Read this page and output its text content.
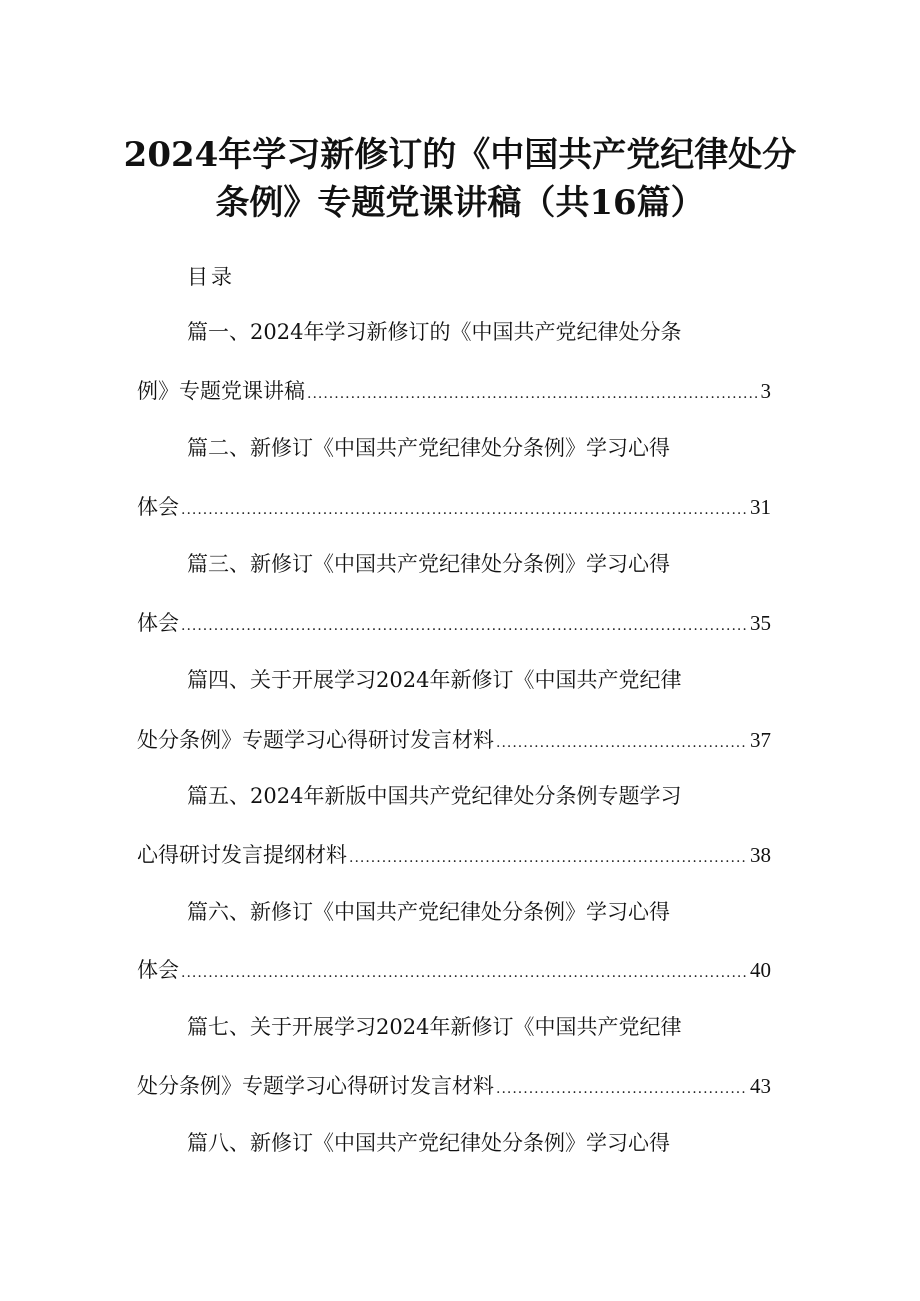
2024年学习新修订的《中国共产党纪律处分
条例》专题党课讲稿（共16篇）
目录
篇一、2024年学习新修订的《中国共产党纪律处分条
例》专题党课讲稿 .....	3
篇二、新修订《中国共产党纪律处分条例》学习心得
体会 .....	31
篇三、新修订《中国共产党纪律处分条例》学习心得
体会 .....	35
篇四、关于开展学习2024年新修订《中国共产党纪律
处分条例》专题学习心得研讨发言材料 .....	37
篇五、2024年新版中国共产党纪律处分条例专题学习
心得研讨发言提纲材料 .....	38
篇六、新修订《中国共产党纪律处分条例》学习心得
体会 .....	40
篇七、关于开展学习2024年新修订《中国共产党纪律
处分条例》专题学习心得研讨发言材料 .....	43
篇八、新修订《中国共产党纪律处分条例》学习心得
